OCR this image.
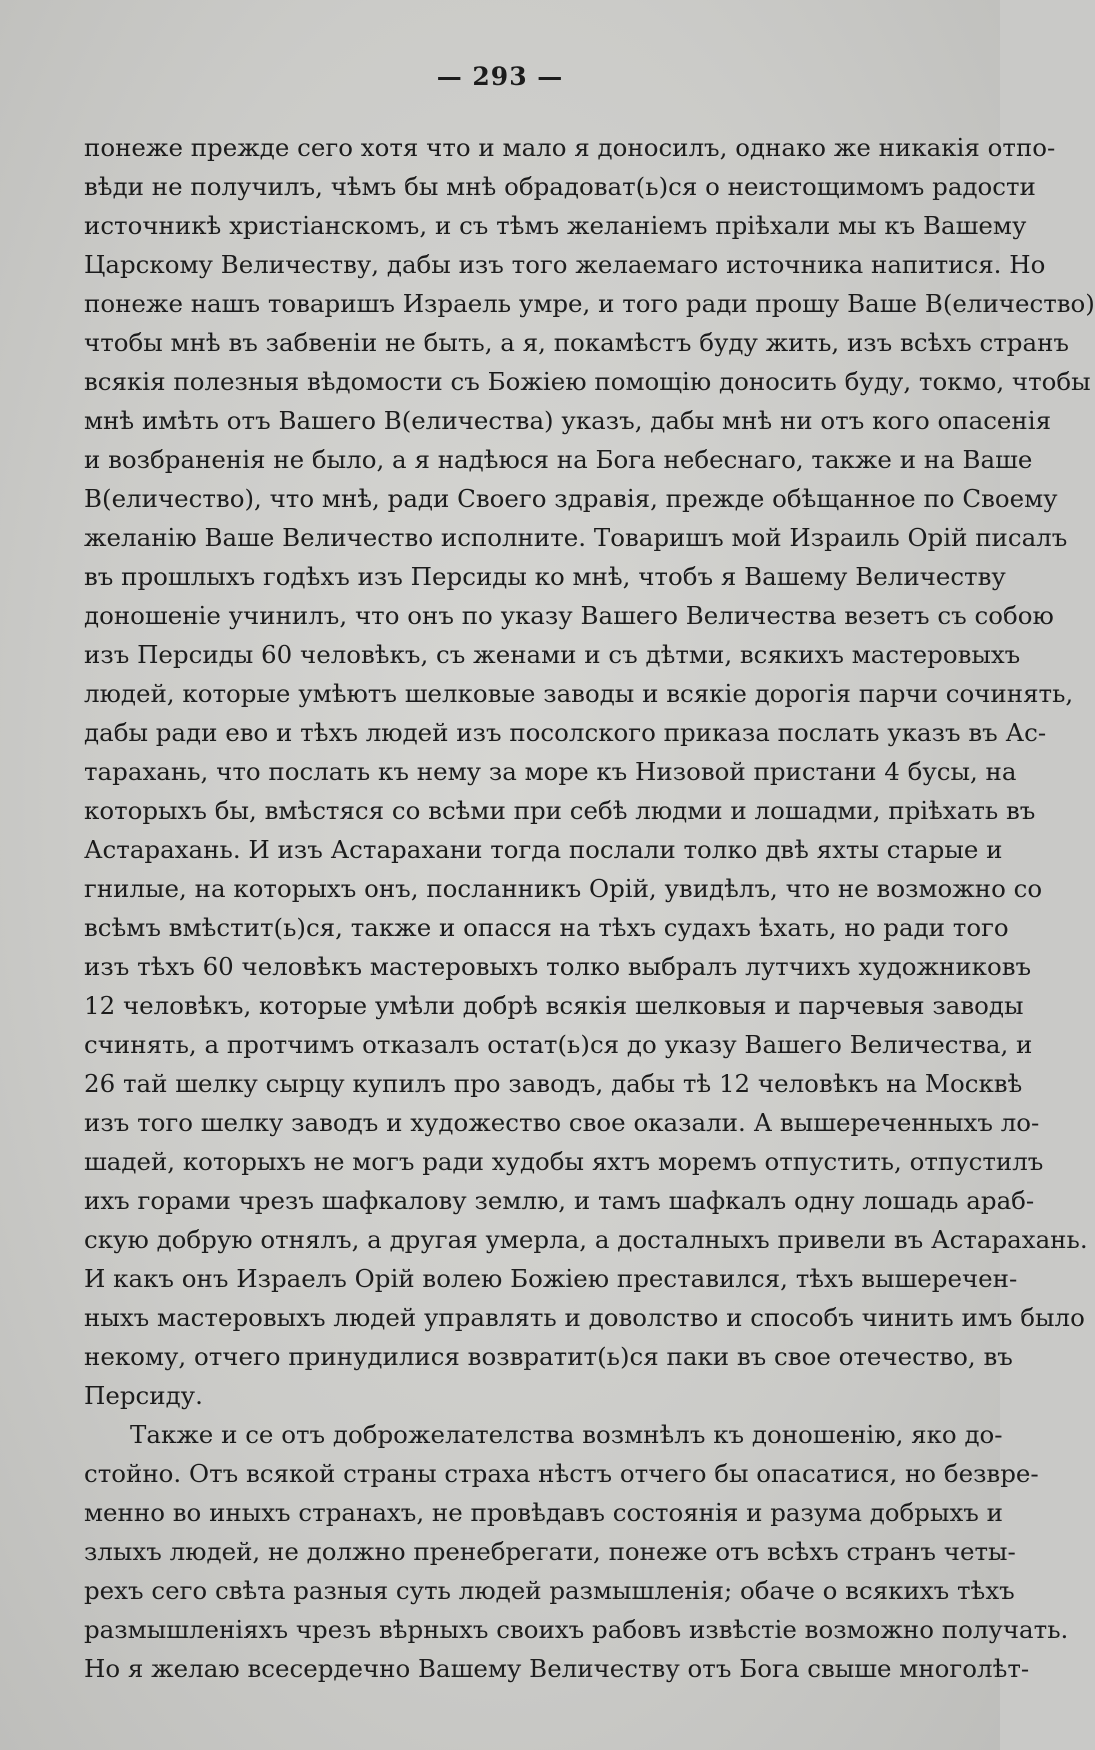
— 293 —
понеже прежде сего хотя что и мало я доносилъ, однако же никакiя отпо-
вѣди не получилъ, чѣмъ бы мнѣ обрадоват(ь)ся о неистощимомъ радости
источникѣ христiанскомъ, и съ тѣмъ желанiемъ прiѣхали мы къ Вашему
Царскому Величеству, дабы изъ того желаемаго источника напитися. Но
понеже нашъ товаришъ Израель умре, и того ради прошу Ваше В(еличество)
чтобы мнѣ въ забвенiи не быть, а я, покамѣстъ буду жить, изъ всѣхъ странъ
всякiя полезныя вѣдомости съ Божiею помощiю доносить буду, токмо, чтобы
мнѣ имѣть отъ Вашего В(еличества) указъ, дабы мнѣ ни отъ кого опасенiя
и возбраненiя не было, а я надѣюся на Бога небеснаго, также и на Ваше
В(еличество), что мнѣ, ради Своего здравiя, прежде обѣщанное по Своему
желанiю Ваше Величество исполните. Товаришъ мой Израиль Орiй писалъ
въ прошлыхъ годѣхъ изъ Персиды ко мнѣ, чтобъ я Вашему Величеству
доношенiе учинилъ, что онъ по указу Вашего Величества везетъ съ собою
изъ Персиды 60 человѣкъ, съ женами и съ дѣтми, всякихъ мастеровыхъ
людей, которые умѣютъ шелковые заводы и всякiе дорогiя парчи сочинять,
дабы ради ево и тѣхъ людей изъ посолского приказа послать указъ въ Ас-
тарахань, что послать къ нему за море къ Низовой пристани 4 бусы, на
которыхъ бы, вмѣстяся со всѣми при себѣ людми и лошадми, прiѣхать въ
Астарахань. И изъ Астарахани тогда послали толко двѣ яхты старые и
гнилые, на которыхъ онъ, посланникъ Орiй, увидѣлъ, что не возможно со
всѣмъ вмѣстит(ь)ся, также и опасся на тѣхъ судахъ ѣхать, но ради того
изъ тѣхъ 60 человѣкъ мастеровыхъ толко выбралъ лутчихъ художниковъ
12 человѣкъ, которые умѣли добрѣ всякiя шелковыя и парчевыя заводы
счинять, а протчимъ отказалъ остат(ь)ся до указу Вашего Величества, и
26 тай шелку сырцу купилъ про заводъ, дабы тѣ 12 человѣкъ на Москвѣ
изъ того шелку заводъ и художество свое оказали. А вышереченныхъ ло-
шадей, которыхъ не могъ ради худобы яхтъ моремъ отпустить, отпустилъ
ихъ горами чрезъ шафкалову землю, и тамъ шафкалъ одну лошадь араб-
скую добрую отнялъ, а другая умерла, а досталныхъ привели въ Астарахань.
И какъ онъ Израелъ Орiй волею Божiею преставился, тѣхъ вышеречен-
ныхъ мастеровыхъ людей управлять и доволство и способъ чинить имъ было
некому, отчего принудилися возвратит(ь)ся паки въ свое отечество, въ
Персиду.
Также и се отъ доброжелателства возмнѣлъ къ доношенiю, яко до-
стойно. Отъ всякой страны страха нѣстъ отчего бы опасатися, но безвре-
менно во иныхъ странахъ, не провѣдавъ состоянiя и разума добрыхъ и
злыхъ людей, не должно пренебрегати, понеже отъ всѣхъ странъ четы-
рехъ сего свѣта разныя суть людей размышленiя; обаче о всякихъ тѣхъ
размышленiяхъ чрезъ вѣрныхъ своихъ рабовъ извѣстiе возможно получать.
Но я желаю всесердечно Вашему Величеству отъ Бога свыше многолѣт-
